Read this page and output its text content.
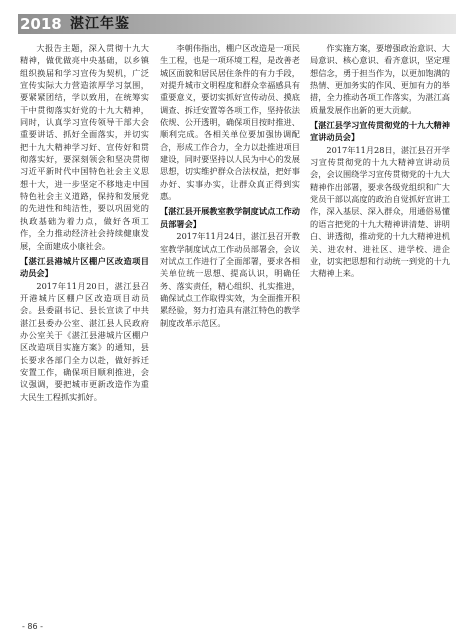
2018 湛江年鉴

大报告主题，深入贯彻十九大精神，做优做亮中央基础，以乡镇组织换届和学习宣传为契机，广泛宣传实际大力营造浓厚学习氛围，要紧紧团结，学以致用，在统筹实干中贯彻落实好党的十九大精神，同时，认真学习宣传领导干部大会重要讲话、抓好全面落实，并切实把十九大精神学习好、宣传好和贯彻落实好，要深刻领会和坚决贯彻习近平新时代中国特色社会主义思想十大，进一步坚定不移地走中国特色社会主义道路，保持和发展党的先进性和纯洁性，要以巩固党的执政基础为着力点，做好各项工作，全力推动经济社会持续健康发展，全面建成小康社会。

【湛江县港城片区棚户区改造项目动员会】

2017年11月20日，湛江县召开港城片区棚户区改造项目动员会。县委副书记、县长宣读了中共湛江县委办公室、湛江县人民政府办公室关于《湛江县港城片区棚户区改造项目实施方案》的通知，县长要求各部门全力以赴，做好拆迁安置工作，确保项目顺利推进，会议强调，要把城市更新改造作为重大民生工程抓实抓好。

李朝伟指出，棚户区改造是一项民生工程，也是一项环境工程，是改善老城区面貌和居民居住条件的有力手段，对提升城市文明程度和群众幸福感具有重要意义，要切实抓好宣传动员、摸底调查、拆迁安置等各项工作，坚持依法依规、公开透明，确保项目按时推进、顺利完成。各相关单位要加强协调配合，形成工作合力，全力以赴推进项目建设，同时要坚持以人民为中心的发展思想，切实维护群众合法权益，把好事办好、实事办实，让群众真正得到实惠。

【湛江县开展教室教学制度试点工作动员部署会】

2017年11月24日，湛江县召开教室教学制度试点工作动员部署会，会议对试点工作进行了全面部署，要求各相关单位统一思想、提高认识，明确任务、落实责任，精心组织、扎实推进，确保试点工作取得实效，为全面推开积累经验，努力打造具有湛江特色的教学制度改革示范区。

作实施方案，要增强政治意识、大局意识、核心意识、看齐意识，坚定理想信念，勇于担当作为，以更加饱满的热情、更加务实的作风、更加有力的举措，全力推动各项工作落实，为湛江高质量发展作出新的更大贡献。

【湛江县学习宣传贯彻党的十九大精神宣讲动员会】

2017年11月28日，湛江县召开学习宣传贯彻党的十九大精神宣讲动员会，会议围绕学习宣传贯彻党的十九大精神作出部署，要求各级党组织和广大党员干部以高度的政治自觉抓好宣讲工作，深入基层、深入群众，用通俗易懂的语言把党的十九大精神讲清楚、讲明白、讲透彻，推动党的十九大精神进机关、进农村、进社区、进学校、进企业，切实把思想和行动统一到党的十九大精神上来。

- 86 -
